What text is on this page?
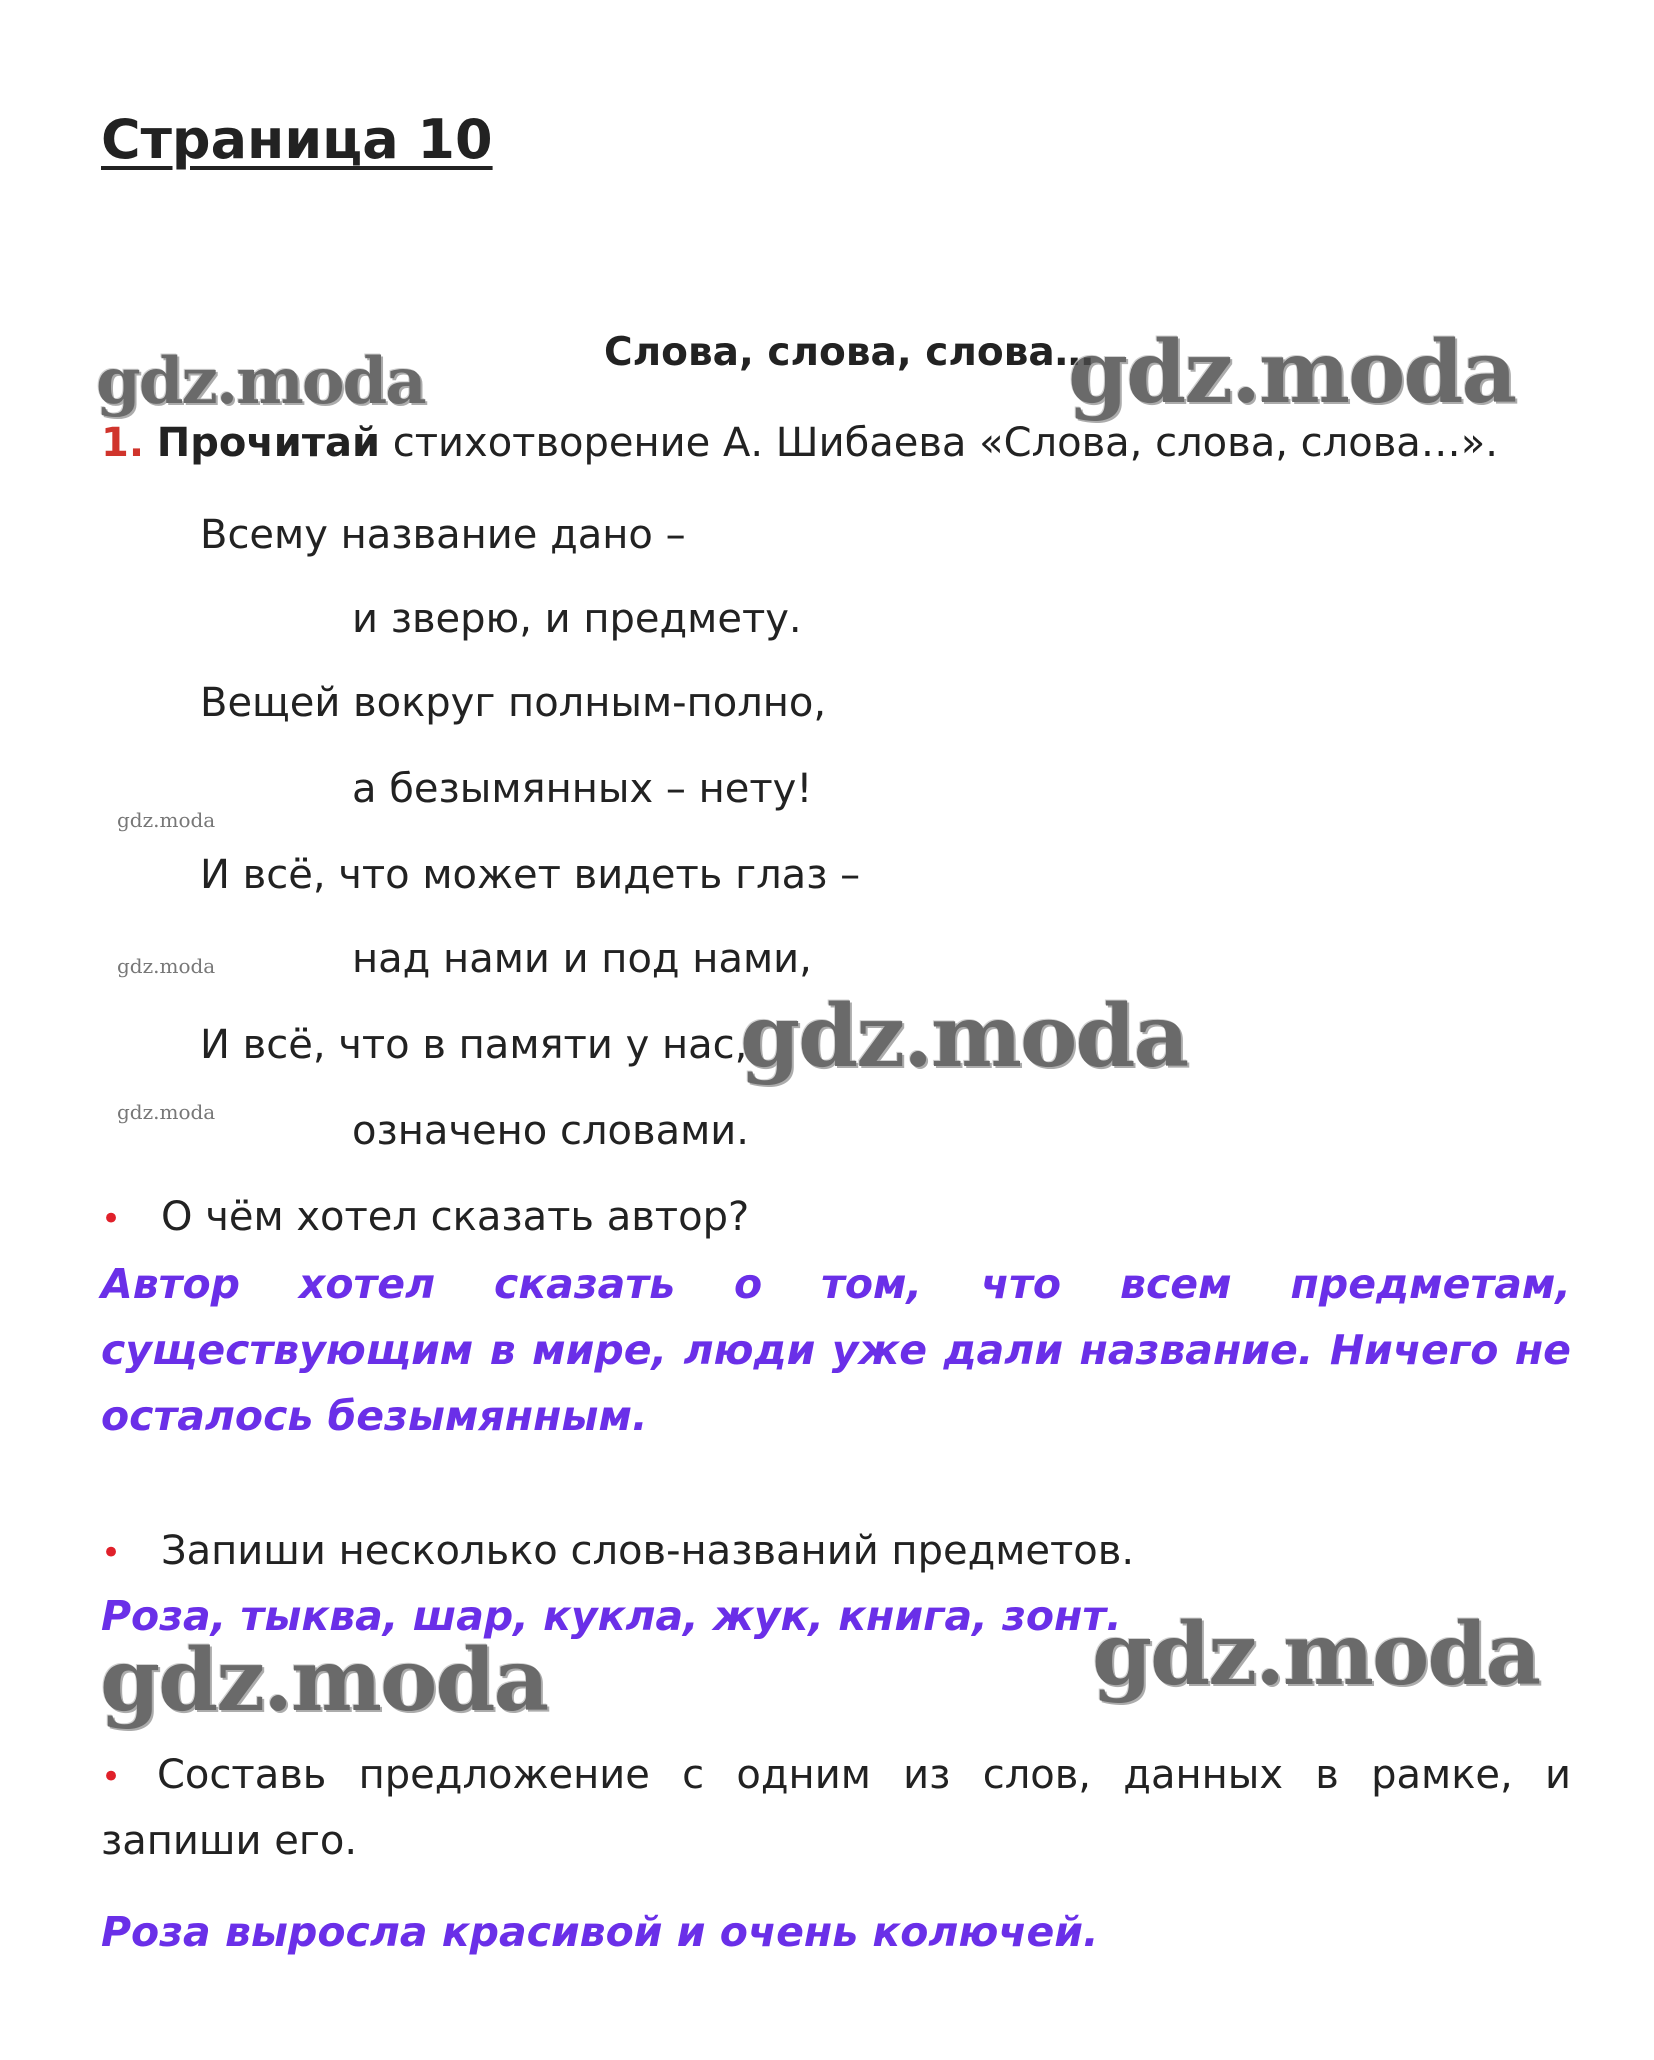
Страница 10
Слова, слова, слова…
1. Прочитай стихотворение А. Шибаева «Слова, слова, слова…».
Всему название дано –
и зверю, и предмету.
Вещей вокруг полным-полно,
а безымянных – нету!
И всё, что может видеть глаз –
над нами и под нами,
И всё, что в памяти у нас,
означено словами.
• О чём хотел сказать автор?
Автор хотел сказать о том, что всем предметам,
существующим в мире, люди уже дали название. Ничего не
осталось безымянным.
• Запиши несколько слов-названий предметов.
Роза, тыква, шар, кукла, жук, книга, зонт.
• Составь предложение с одним из слов, данных в рамке, и
запиши его.
Роза выросла красивой и очень колючей.
gdz.moda	gdz.moda
gdz.moda
gdz.moda
gdz.moda
gdz.moda
gdz.moda
gdz.moda
